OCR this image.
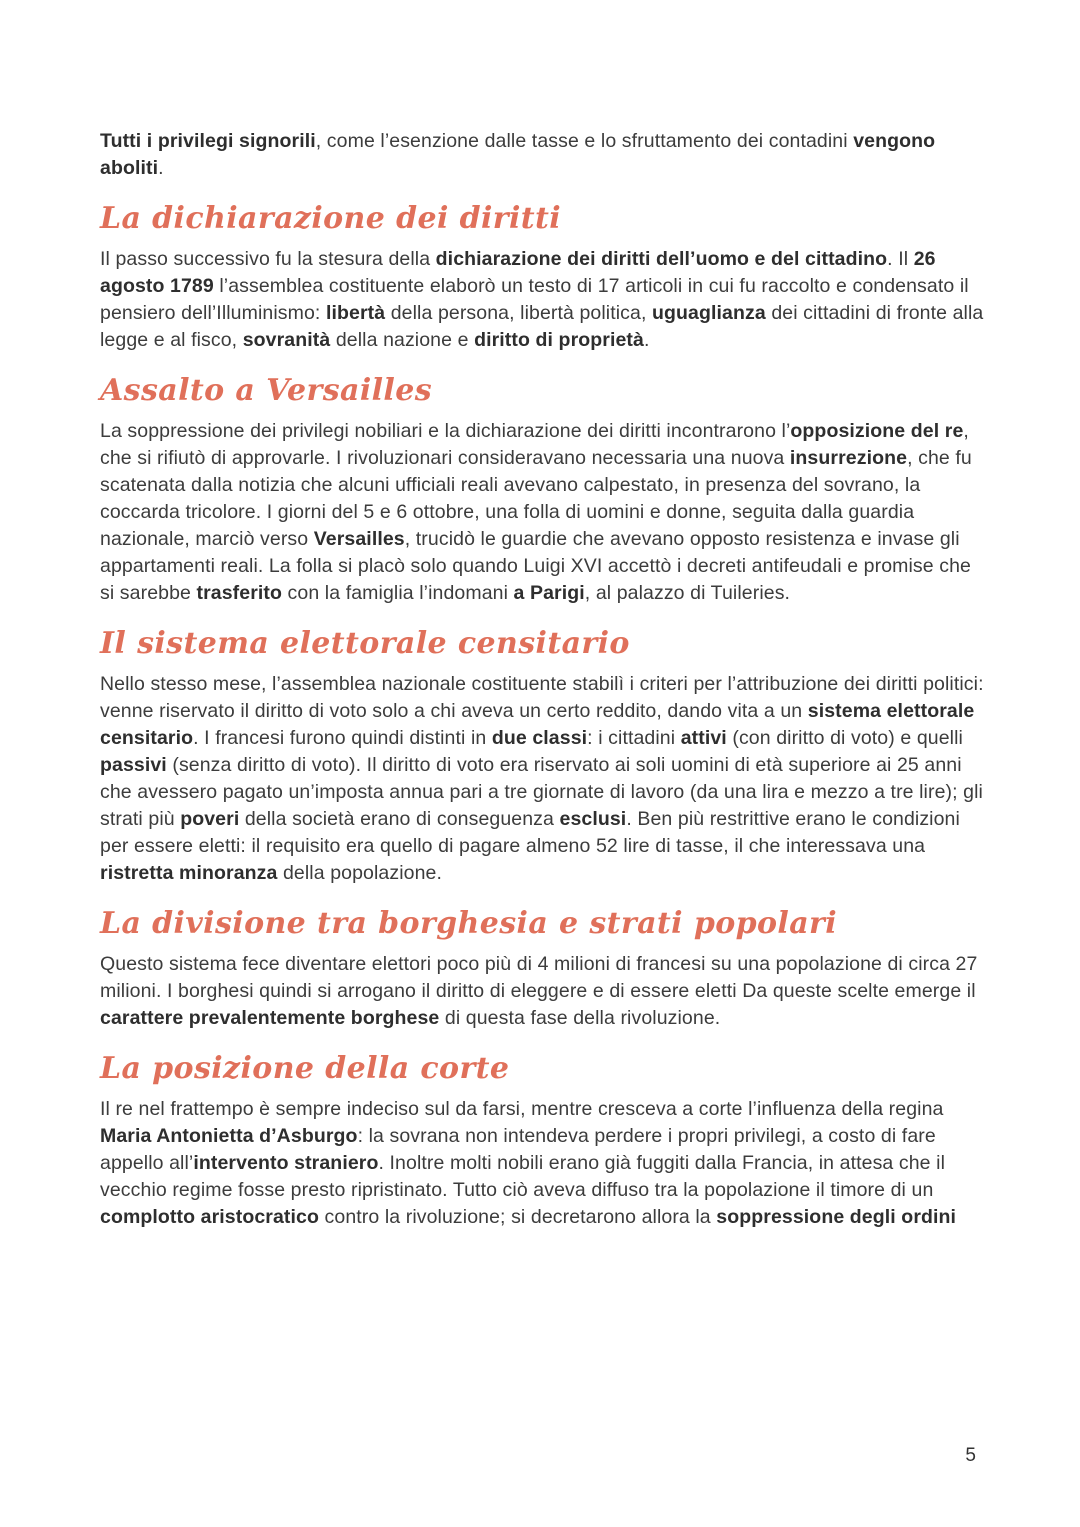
Tutti i privilegi signorili, come l’esenzione dalle tasse e lo sfruttamento dei contadini vengono aboliti.

La dichiarazione dei diritti

Il passo successivo fu la stesura della dichiarazione dei diritti dell’uomo e del cittadino. Il 26 agosto 1789 l’assemblea costituente elaborò un testo di 17 articoli in cui fu raccolto e condensato il pensiero dell’Illuminismo: libertà della persona, libertà politica, uguaglianza dei cittadini di fronte alla legge e al fisco, sovranità della nazione e diritto di proprietà.

Assalto a Versailles

La soppressione dei privilegi nobiliari e la dichiarazione dei diritti incontrarono l’opposizione del re, che si rifiutò di approvarle. I rivoluzionari consideravano necessaria una nuova insurrezione, che fu scatenata dalla notizia che alcuni ufficiali reali avevano calpestato, in presenza del sovrano, la coccarda tricolore. I giorni del 5 e 6 ottobre, una folla di uomini e donne, seguita dalla guardia nazionale, marciò verso Versailles, trucidò le guardie che avevano opposto resistenza e invase gli appartamenti reali. La folla si placò solo quando Luigi XVI accettò i decreti antifeudali e promise che si sarebbe trasferito con la famiglia l’indomani a Parigi, al palazzo di Tuileries.

Il sistema elettorale censitario

Nello stesso mese, l’assemblea nazionale costituente stabilì i criteri per l’attribuzione dei diritti politici: venne riservato il diritto di voto solo a chi aveva un certo reddito, dando vita a un sistema elettorale censitario. I francesi furono quindi distinti in due classi: i cittadini attivi (con diritto di voto) e quelli passivi (senza diritto di voto). Il diritto di voto era riservato ai soli uomini di età superiore ai 25 anni che avessero pagato un’imposta annua pari a tre giornate di lavoro (da una lira e mezzo a tre lire); gli strati più poveri della società erano di conseguenza esclusi. Ben più restrittive erano le condizioni per essere eletti: il requisito era quello di pagare almeno 52 lire di tasse, il che interessava una ristretta minoranza della popolazione.

La divisione tra borghesia e strati popolari

Questo sistema fece diventare elettori poco più di 4 milioni di francesi su una popolazione di circa 27 milioni. I borghesi quindi si arrogano il diritto di eleggere e di essere eletti Da queste scelte emerge il carattere prevalentemente borghese di questa fase della rivoluzione.

La posizione della corte

Il re nel frattempo è sempre indeciso sul da farsi, mentre cresceva a corte l’influenza della regina Maria Antonietta d’Asburgo: la sovrana non intendeva perdere i propri privilegi, a costo di fare appello all’intervento straniero. Inoltre molti nobili erano già fuggiti dalla Francia, in attesa che il vecchio regime fosse presto ripristinato. Tutto ciò aveva diffuso tra la popolazione il timore di un complotto aristocratico contro la rivoluzione; si decretarono allora la soppressione degli ordini

5
